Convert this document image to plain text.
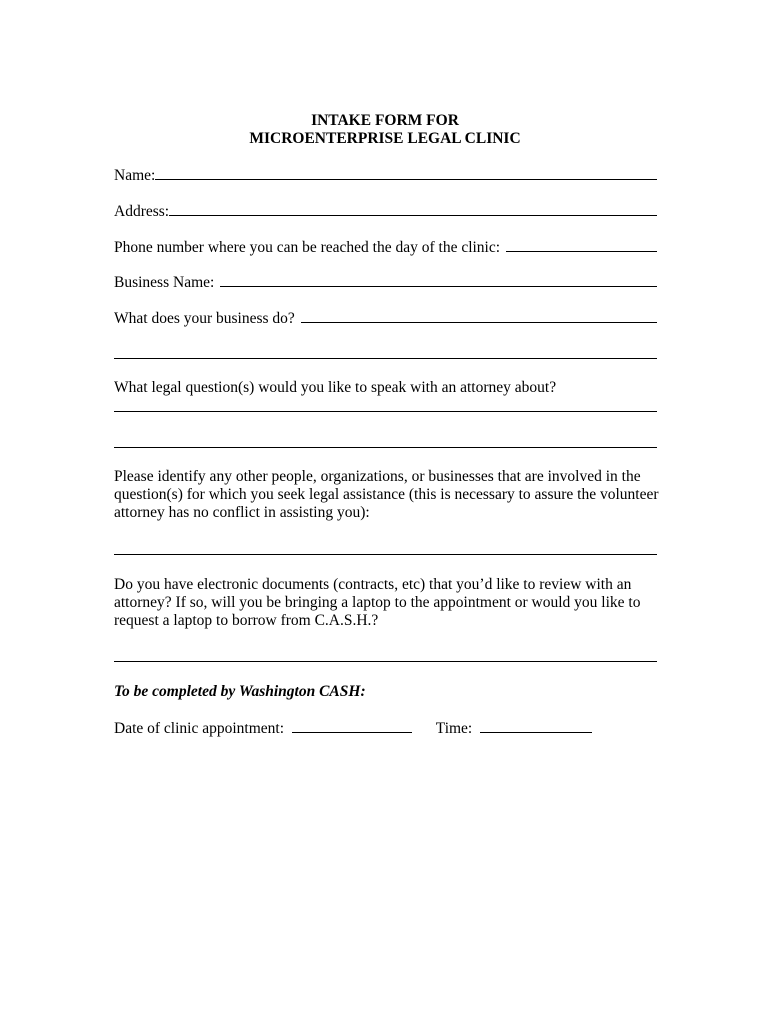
INTAKE FORM FOR
MICROENTERPRISE LEGAL CLINIC
Name:
Address:
Phone number where you can be reached the day of the clinic:
Business Name:
What does your business do?
What legal question(s) would you like to speak with an attorney about?
Please identify any other people, organizations, or businesses that are involved in the question(s) for which you seek legal assistance (this is necessary to assure the volunteer attorney has no conflict in assisting you):
Do you have electronic documents (contracts, etc) that you’d like to review with an attorney? If so, will you be bringing a laptop to the appointment or would you like to request a laptop to borrow from C.A.S.H.?
To be completed by Washington CASH:
Date of clinic appointment:	Time:
